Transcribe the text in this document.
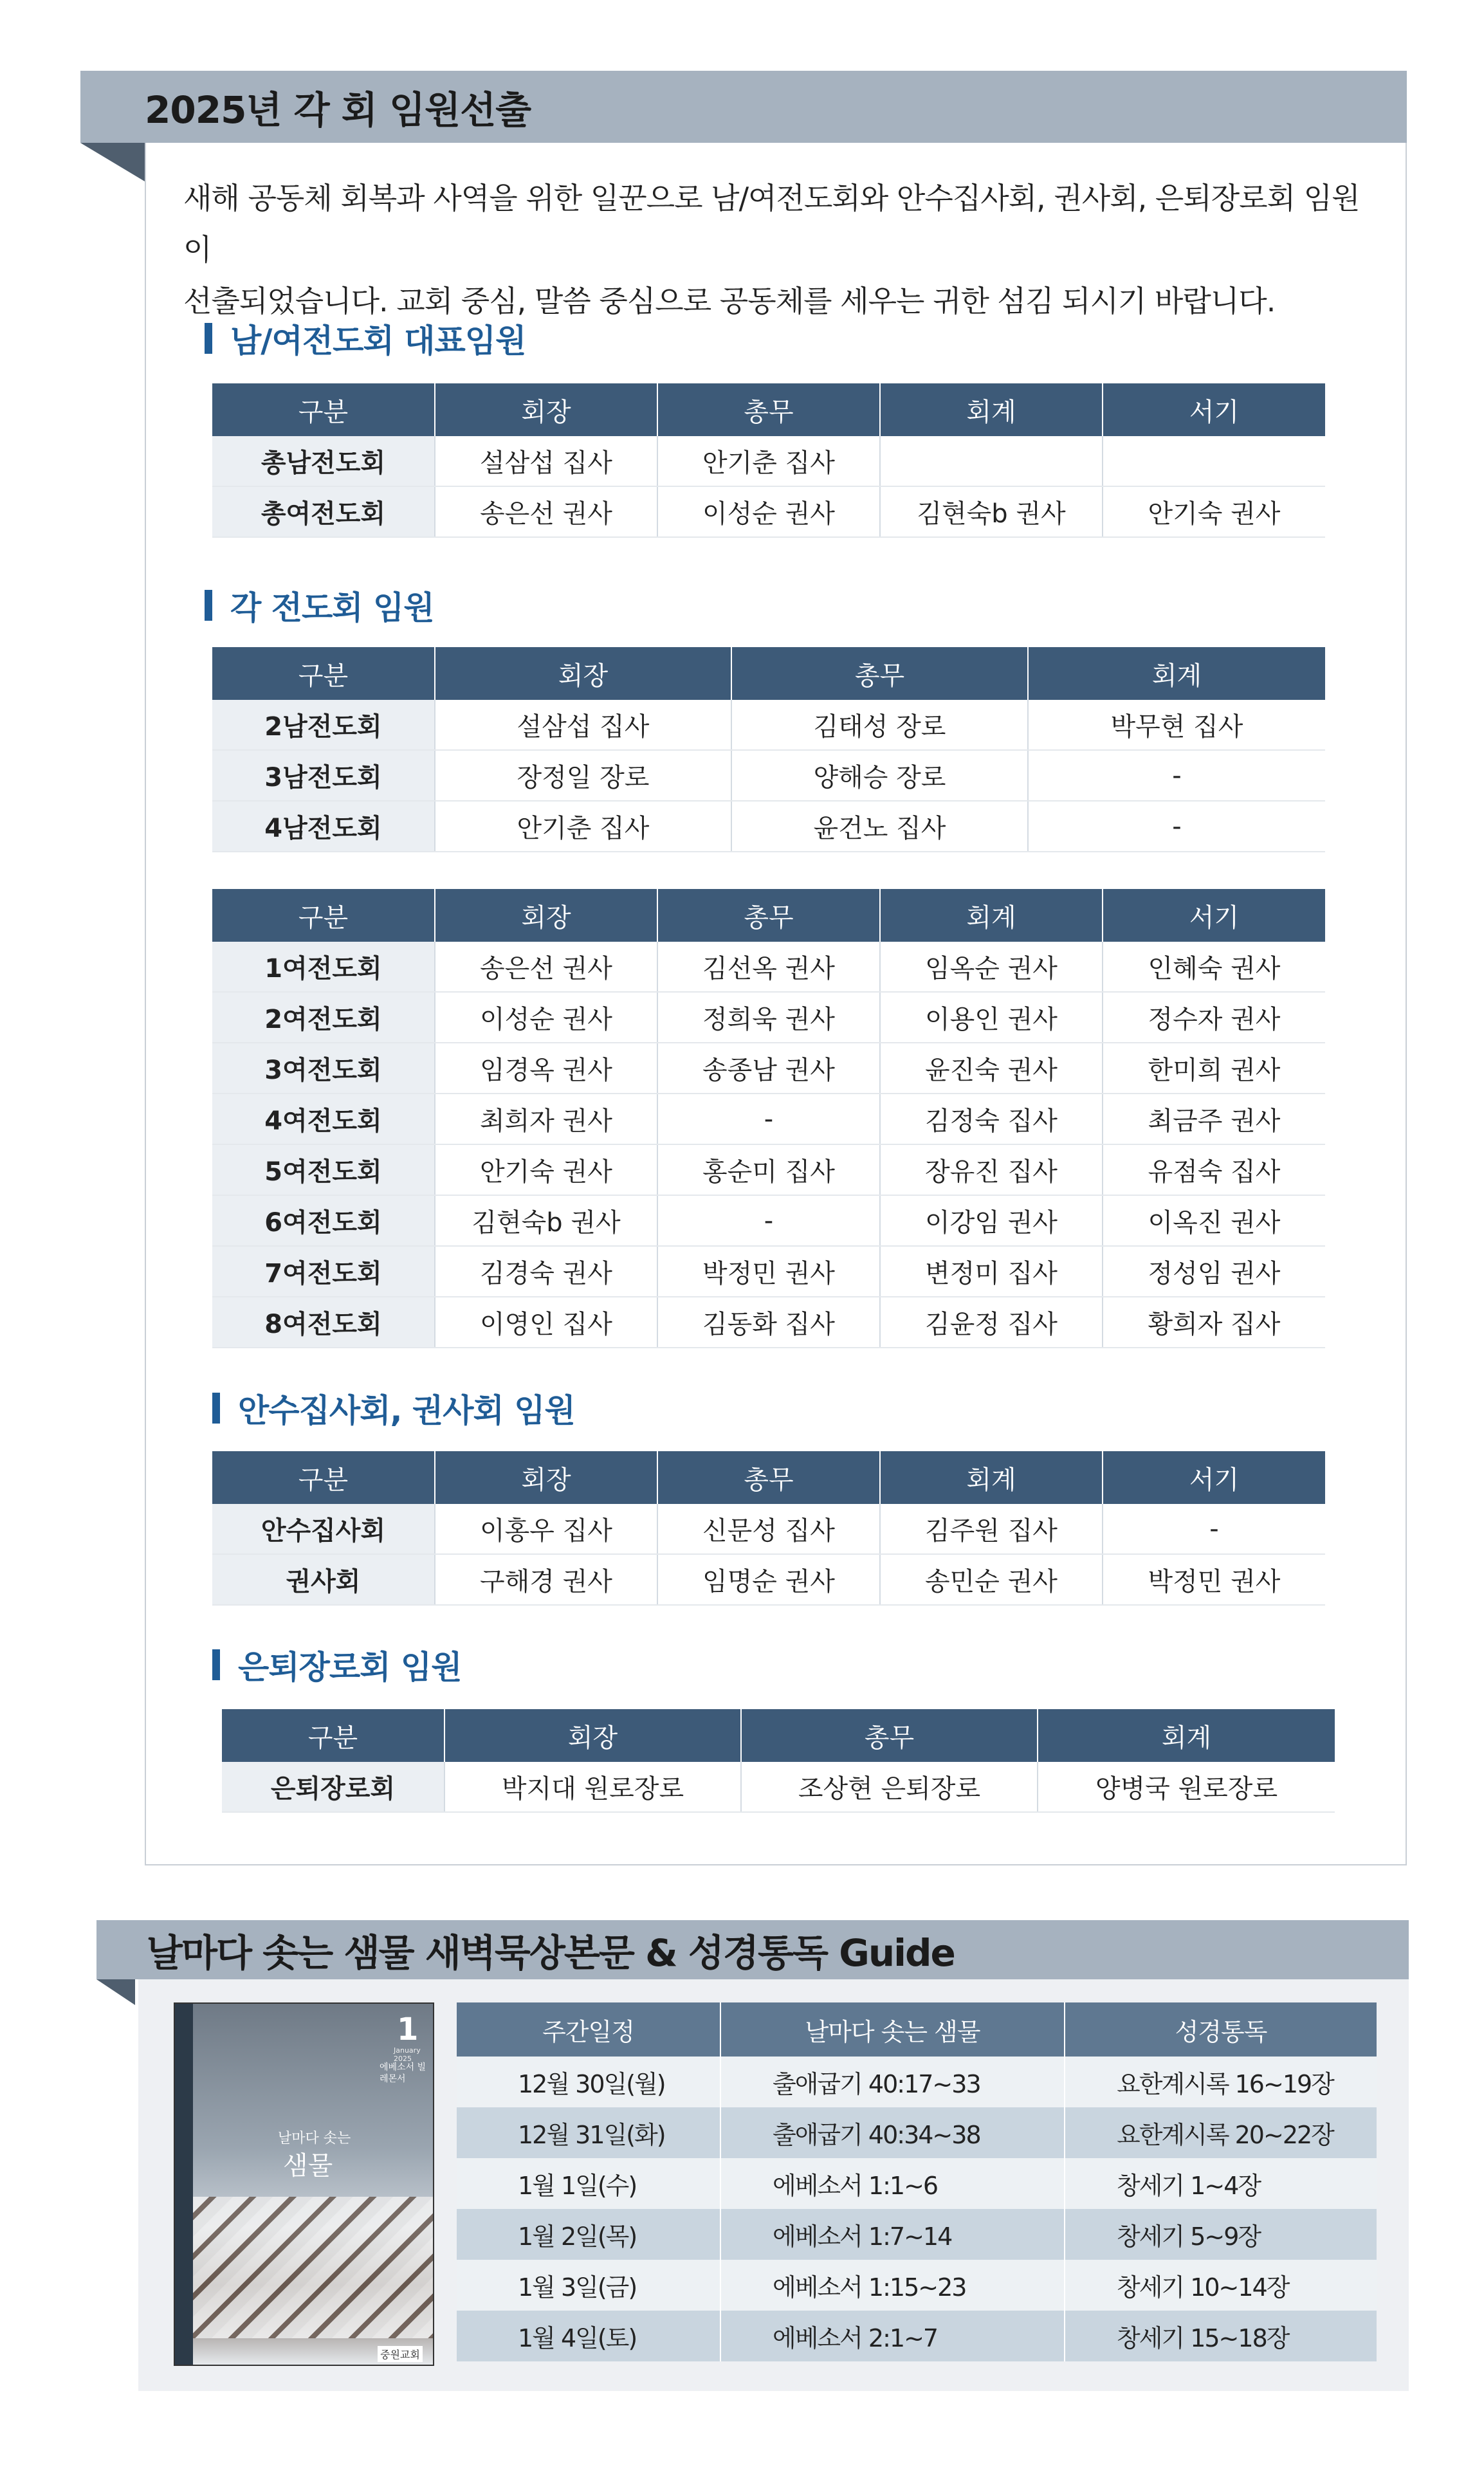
2025년 각 회 임원선출
새해 공동체 회복과 사역을 위한 일꾼으로 남/여전도회와 안수집사회, 권사회, 은퇴장로회 임원이
선출되었습니다. 교회 중심, 말씀 중심으로 공동체를 세우는 귀한 섬김 되시기 바랍니다.
남/여전도회 대표임원
구분	회장	총무	회계	서기
총남전도회	설삼섭 집사	안기춘 집사		
총여전도회	송은선 권사	이성순 권사	김현숙b 권사	안기숙 권사
각 전도회 임원
구분	회장	총무	회계
2남전도회	설삼섭 집사	김태성 장로	박무현 집사
3남전도회	장정일 장로	양해승 장로	-
4남전도회	안기춘 집사	윤건노 집사	-
구분	회장	총무	회계	서기
1여전도회	송은선 권사	김선옥 권사	임옥순 권사	인혜숙 권사
2여전도회	이성순 권사	정희욱 권사	이용인 권사	정수자 권사
3여전도회	임경옥 권사	송종남 권사	윤진숙 권사	한미희 권사
4여전도회	최희자 권사	-	김정숙 집사	최금주 권사
5여전도회	안기숙 권사	홍순미 집사	장유진 집사	유점숙 집사
6여전도회	김현숙b 권사	-	이강임 권사	이옥진 권사
7여전도회	김경숙 권사	박정민 권사	변정미 집사	정성임 권사
8여전도회	이영인 집사	김동화 집사	김윤정 집사	황희자 집사
안수집사회, 권사회 임원
구분	회장	총무	회계	서기
안수집사회	이홍우 집사	신문성 집사	김주원 집사	-
권사회	구해경 권사	임명순 권사	송민순 권사	박정민 권사
은퇴장로회 임원
구분	회장	총무	회계
은퇴장로회	박지대 원로장로	조상현 은퇴장로	양병국 원로장로
날마다 솟는 샘물 새벽묵상본문 & 성경통독 Guide
1
January 2025
에베소서 빌레몬서
날마다 솟는
샘물
중원교회
주간일정	날마다 솟는 샘물	성경통독
12월 30일(월)	출애굽기 40:17~33	요한계시록 16~19장
12월 31일(화)	출애굽기 40:34~38	요한계시록 20~22장
1월 1일(수)	에베소서 1:1~6	창세기 1~4장
1월 2일(목)	에베소서 1:7~14	창세기 5~9장
1월 3일(금)	에베소서 1:15~23	창세기 10~14장
1월 4일(토)	에베소서 2:1~7	창세기 15~18장
